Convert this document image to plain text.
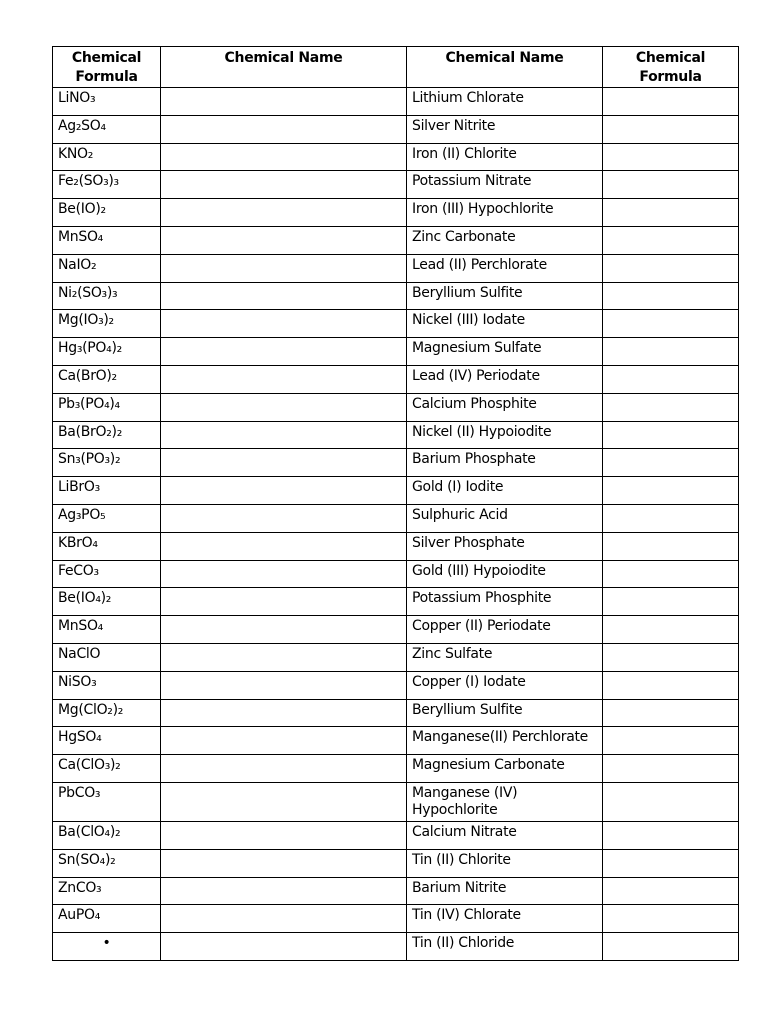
Chemical Formula	Chemical Name	Chemical Name	Chemical Formula
LiNO₃		Lithium Chlorate	
Ag₂SO₄		Silver Nitrite	
KNO₂		Iron (II) Chlorite	
Fe₂(SO₃)₃		Potassium Nitrate	
Be(IO)₂		Iron (III) Hypochlorite	
MnSO₄		Zinc Carbonate	
NaIO₂		Lead (II) Perchlorate	
Ni₂(SO₃)₃		Beryllium Sulfite	
Mg(IO₃)₂		Nickel (III) Iodate	
Hg₃(PO₄)₂		Magnesium Sulfate	
Ca(BrO)₂		Lead (IV) Periodate	
Pb₃(PO₄)₄		Calcium Phosphite	
Ba(BrO₂)₂		Nickel (II) Hypoiodite	
Sn₃(PO₃)₂		Barium Phosphate	
LiBrO₃		Gold (I) Iodite	
Ag₃PO₅		Sulphuric Acid	
KBrO₄		Silver Phosphate	
FeCO₃		Gold (III) Hypoiodite	
Be(IO₄)₂		Potassium Phosphite	
MnSO₄		Copper (II) Periodate	
NaClO		Zinc Sulfate	
NiSO₃		Copper (I) Iodate	
Mg(ClO₂)₂		Beryllium Sulfite	
HgSO₄		Manganese(II) Perchlorate	
Ca(ClO₃)₂		Magnesium Carbonate	
PbCO₃		Manganese (IV) Hypochlorite	
Ba(ClO₄)₂		Calcium Nitrate	
Sn(SO₄)₂		Tin (II) Chlorite	
ZnCO₃		Barium Nitrite	
AuPO₄		Tin (IV) Chlorate	
•		Tin (II) Chloride	
